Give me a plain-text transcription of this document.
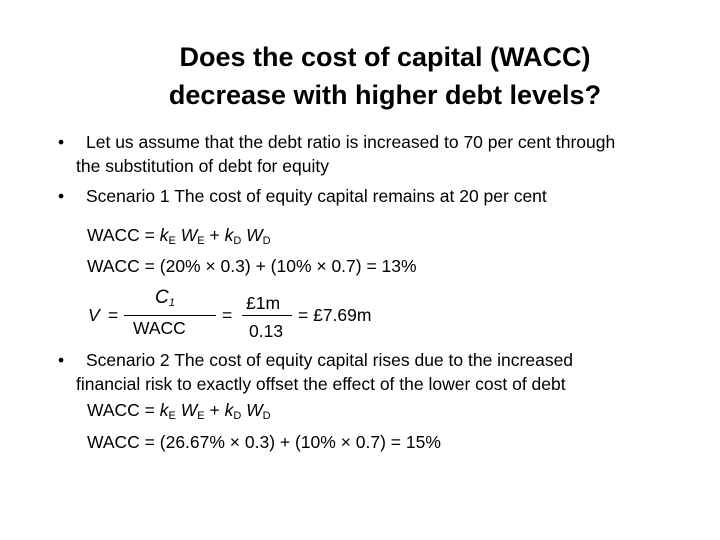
Does the cost of capital (WACC)
decrease with higher debt levels?
•	Let us assume that the debt ratio is increased to 70 per cent through
the substitution of debt for equity
•	Scenario 1 The cost of equity capital remains at 20 per cent
WACC = $k_E$ $W_E + k_D$ $W_D$
WACC = (20% × 0.3) + (10% × 0.7) = 13%
V =
$C_1$
WACC
=
£1m
0.13
= £7.69m
•	Scenario 2 The cost of equity capital rises due to the increased
financial risk to exactly offset the effect of the lower cost of debt
WACC = $k_E$ $W_E + k_D$ $W_D$
WACC = (26.67% × 0.3) + (10% × 0.7) = 15%
